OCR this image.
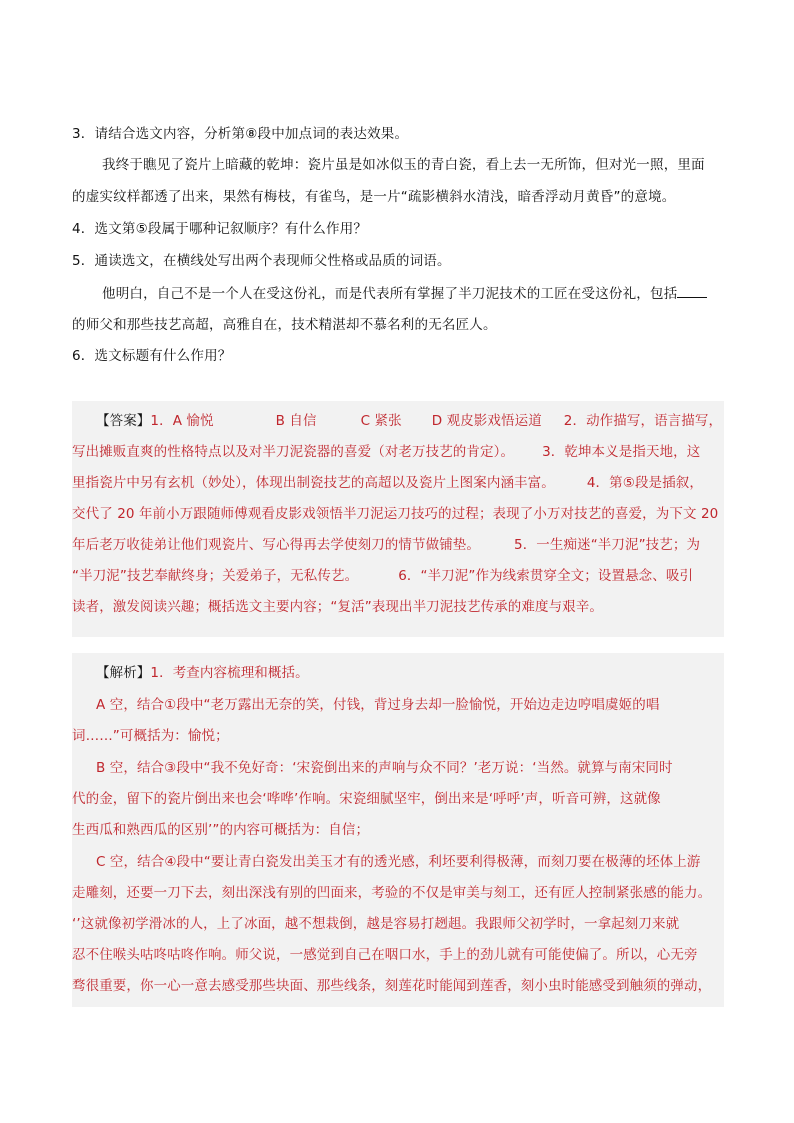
3．请结合选文内容，分析第⑧段中加点词的表达效果。
我终于瞧见了瓷片上暗藏的乾坤：瓷片虽是如冰似玉的青白瓷，看上去一无所饰，但对光一照，里面
的虚实纹样都透了出来，果然有梅枝，有雀鸟，是一片“疏影横斜水清浅，暗香浮动月黄昏”的意境。
4．选文第⑤段属于哪种记叙顺序？有什么作用？
5．通读选文，在横线处写出两个表现师父性格或品质的词语。
他明白，自己不是一个人在受这份礼，而是代表所有掌握了半刀泥技术的工匠在受这份礼，包括
的师父和那些技艺高超，高雅自在，技术精湛却不慕名利的无名匠人。
6．选文标题有什么作用？
【答案】1．A 愉悦	B 自信	C 紧张 D 观皮影戏悟运道 2．动作描写，语言描写，
写出摊贩直爽的性格特点以及对半刀泥瓷器的喜爱（对老万技艺的肯定）。 3．乾坤本义是指天地，这
里指瓷片中另有玄机（妙处），体现出制瓷技艺的高超以及瓷片上图案内涵丰富。 4．第⑤段是插叙，
交代了 20 年前小万跟随师傅观看皮影戏领悟半刀泥运刀技巧的过程；表现了小万对技艺的喜爱，为下文 20
年后老万收徒弟让他们观瓷片、写心得再去学使刻刀的情节做铺垫。	5．一生痴迷“半刀泥”技艺；为
“半刀泥”技艺奉献终身；关爱弟子，无私传艺。	6．“半刀泥”作为线索贯穿全文；设置悬念、吸引
读者，激发阅读兴趣；概括选文主要内容；“复活”表现出半刀泥技艺传承的难度与艰辛。
【解析】1．考查内容梳理和概括。
A 空，结合①段中“老万露出无奈的笑，付钱，背过身去却一脸愉悦，开始边走边哼唱虞姬的唱
词……”可概括为：愉悦；
B 空，结合③段中“我不免好奇：‘宋瓷倒出来的声响与众不同？’老万说：‘当然。就算与南宋同时
代的金，留下的瓷片倒出来也会‘哗哗’作响。宋瓷细腻坚牢，倒出来是‘呼呼’声，听音可辨，这就像
生西瓜和熟西瓜的区别’”的内容可概括为：自信；
C 空，结合④段中“要让青白瓷发出美玉才有的透光感，利坯要利得极薄，而刻刀要在极薄的坯体上游
走雕刻，还要一刀下去，刻出深浅有别的凹面来，考验的不仅是审美与刻工，还有匠人控制紧张感的能力。
‘’这就像初学滑冰的人，上了冰面，越不想栽倒，越是容易打趔趄。我跟师父初学时，一拿起刻刀来就
忍不住喉头咕咚咕咚作响。师父说，一感觉到自己在咽口水，手上的劲儿就有可能使偏了。所以，心无旁
骛很重要，你一心一意去感受那些块面、那些线条，刻莲花时能闻到莲香，刻小虫时能感受到触须的弹动，
